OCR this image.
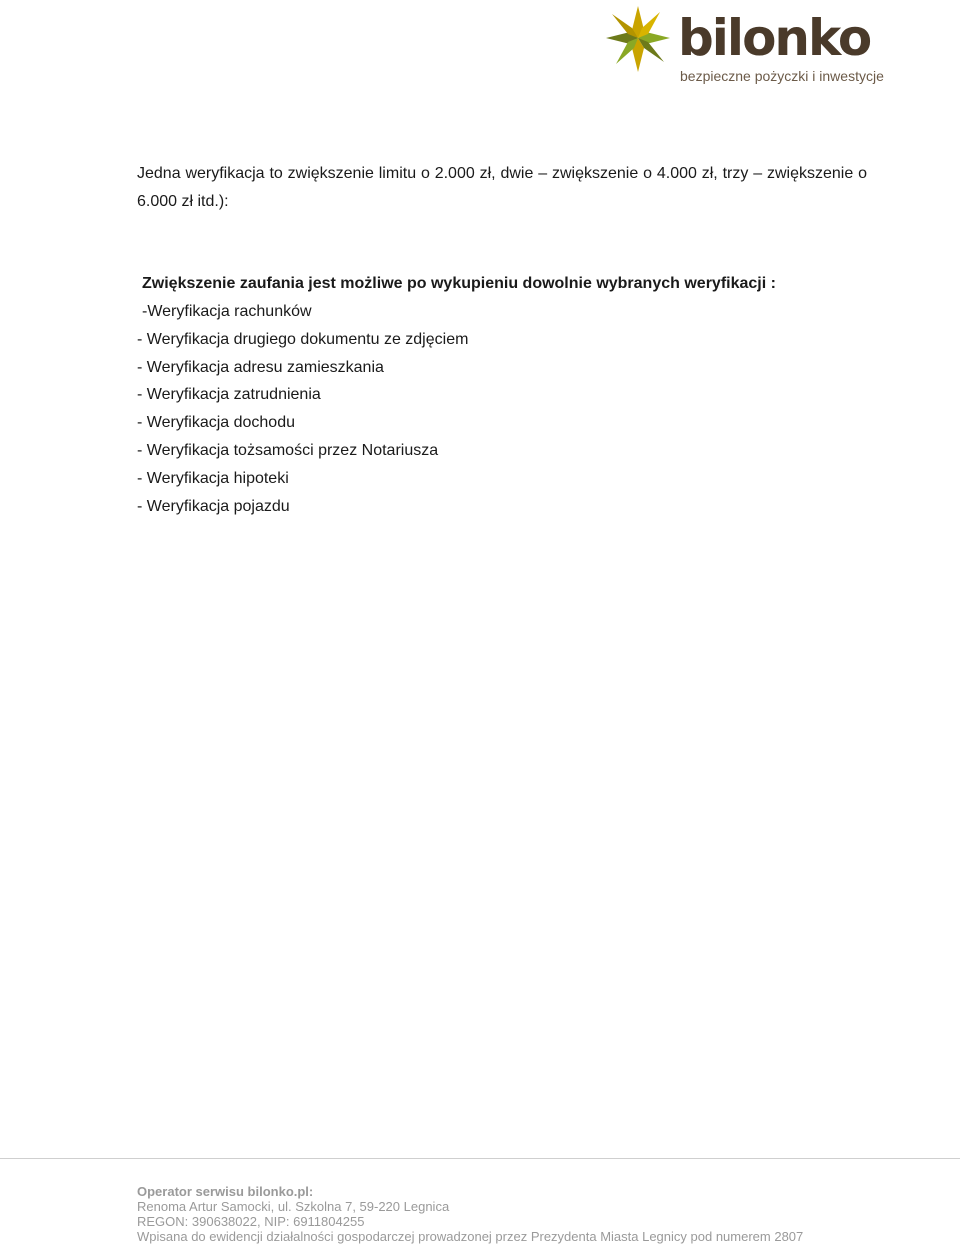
bilonko
bezpieczne pożyczki i inwestycje
Jedna weryfikacja to zwiększenie limitu o 2.000 zł, dwie – zwiększenie o 4.000 zł, trzy – zwiększenie o 6.000 zł itd.):
Zwiększenie zaufania jest możliwe po wykupieniu dowolnie wybranych weryfikacji :
-Weryfikacja rachunków
- Weryfikacja drugiego dokumentu ze zdjęciem
- Weryfikacja adresu zamieszkania
- Weryfikacja zatrudnienia
- Weryfikacja dochodu
- Weryfikacja tożsamości przez Notariusza
- Weryfikacja hipoteki
- Weryfikacja pojazdu
Operator serwisu bilonko.pl:
Renoma Artur Samocki, ul. Szkolna 7, 59-220 Legnica
REGON: 390638022, NIP: 6911804255
Wpisana do ewidencji działalności gospodarczej prowadzonej przez Prezydenta Miasta Legnicy pod numerem 2807
